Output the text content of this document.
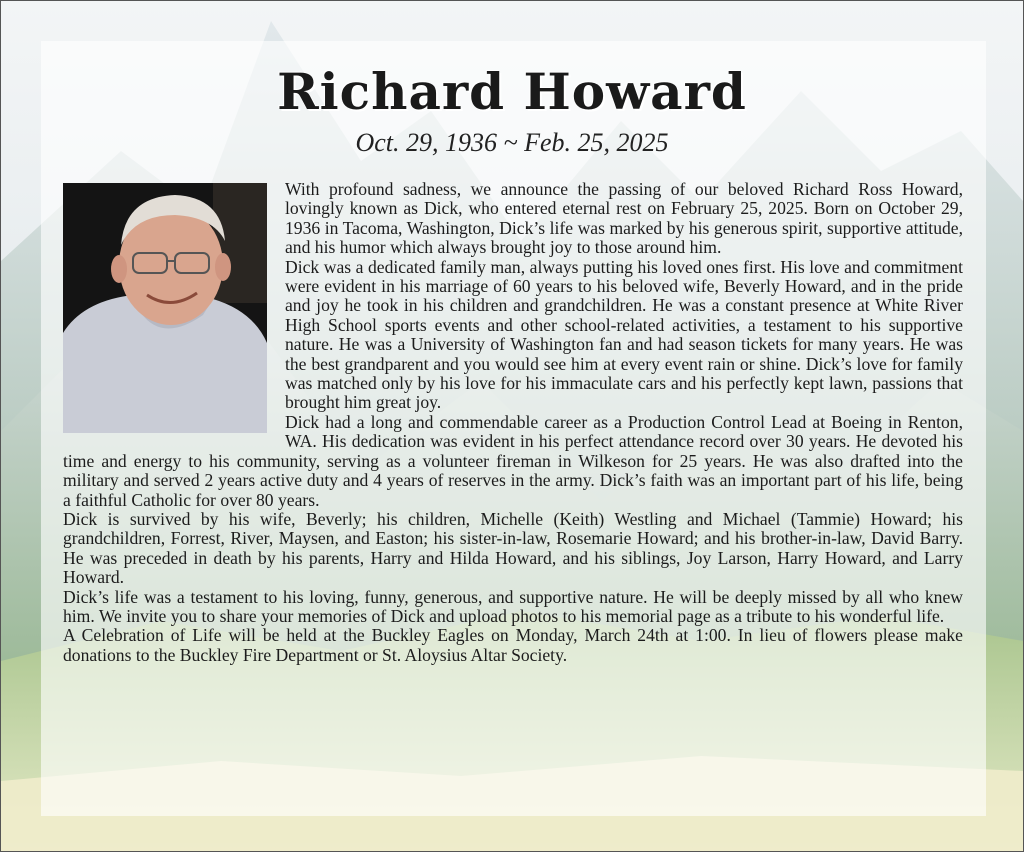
Richard Howard
Oct. 29, 1936 ~ Feb. 25, 2025

With profound sadness, we announce the passing of our beloved Richard Ross Howard, lovingly known as Dick, who entered eternal rest on February 25, 2025. Born on October 29, 1936 in Tacoma, Washington, Dick’s life was marked by his generous spirit, supportive attitude, and his humor which always brought joy to those around him.

Dick was a dedicated family man, always putting his loved ones first. His love and commitment were evident in his marriage of 60 years to his beloved wife, Beverly Howard, and in the pride and joy he took in his children and grandchildren. He was a constant presence at White River High School sports events and other school-related activities, a testament to his supportive nature. He was a University of Washington fan and had season tickets for many years. He was the best grandparent and you would see him at every event rain or shine. Dick’s love for family was matched only by his love for his immaculate cars and his perfectly kept lawn, passions that brought him great joy.

Dick had a long and commendable career as a Production Control Lead at Boeing in Renton, WA. His dedication was evident in his perfect attendance record over 30 years. He devoted his time and energy to his community, serving as a volunteer fireman in Wilkeson for 25 years. He was also drafted into the military and served 2 years active duty and 4 years of reserves in the army. Dick’s faith was an important part of his life, being a faithful Catholic for over 80 years.

Dick is survived by his wife, Beverly; his children, Michelle (Keith) Westling and Michael (Tammie) Howard; his grandchildren, Forrest, River, Maysen, and Easton; his sister-in-law, Rosemarie Howard; and his brother-in-law, David Barry. He was preceded in death by his parents, Harry and Hilda Howard, and his siblings, Joy Larson, Harry Howard, and Larry Howard.

Dick’s life was a testament to his loving, funny, generous, and supportive nature. He will be deeply missed by all who knew him. We invite you to share your memories of Dick and upload photos to his memorial page as a tribute to his wonderful life.

A Celebration of Life will be held at the Buckley Eagles on Monday, March 24th at 1:00. In lieu of flowers please make donations to the Buckley Fire Department or St. Aloysius Altar Society.
